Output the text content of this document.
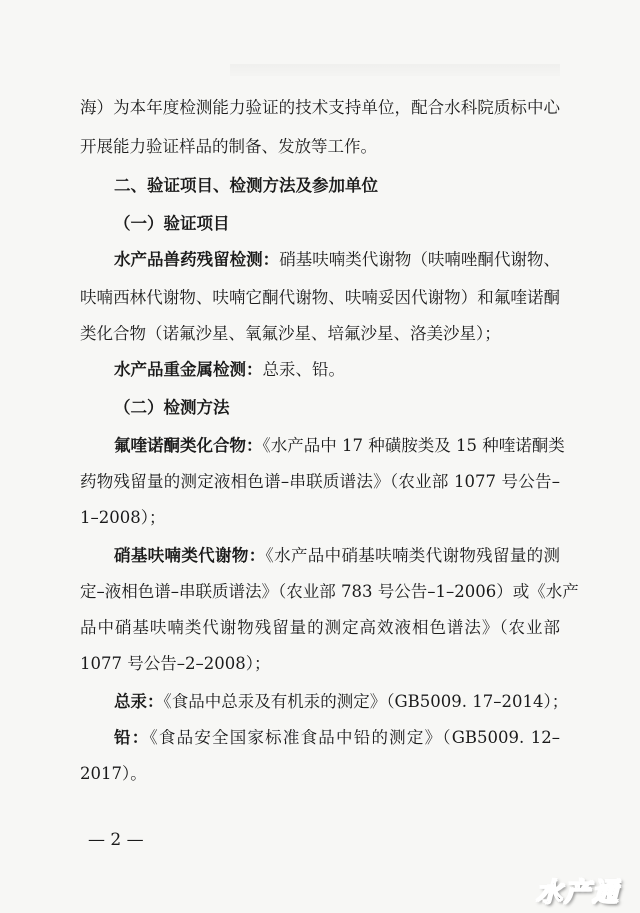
海）为本年度检测能力验证的技术支持单位，配合水科院质标中心
开展能力验证样品的制备、发放等工作。
二、验证项目、检测方法及参加单位
（一）验证项目
水产品兽药残留检测：硝基呋喃类代谢物（呋喃唑酮代谢物、
呋喃西林代谢物、呋喃它酮代谢物、呋喃妥因代谢物）和氟喹诺酮
类化合物（诺氟沙星、氧氟沙星、培氟沙星、洛美沙星）；
水产品重金属检测：总汞、铅。
（二）检测方法
氟喹诺酮类化合物：《水产品中 17 种磺胺类及 15 种喹诺酮类
药物残留量的测定液相色谱–串联质谱法》（农业部 1077 号公告–
1–2008）；
硝基呋喃类代谢物：《水产品中硝基呋喃类代谢物残留量的测
定–液相色谱–串联质谱法》（农业部 783 号公告–1–2006）或《水产
品中硝基呋喃类代谢物残留量的测定高效液相色谱法》（农业部
1077 号公告–2–2008）；
总汞：《食品中总汞及有机汞的测定》（GB5009. 17–2014）；
铅：《食品安全国家标准食品中铅的测定》（GB5009. 12–
2017）。
— 2 —
水产通
